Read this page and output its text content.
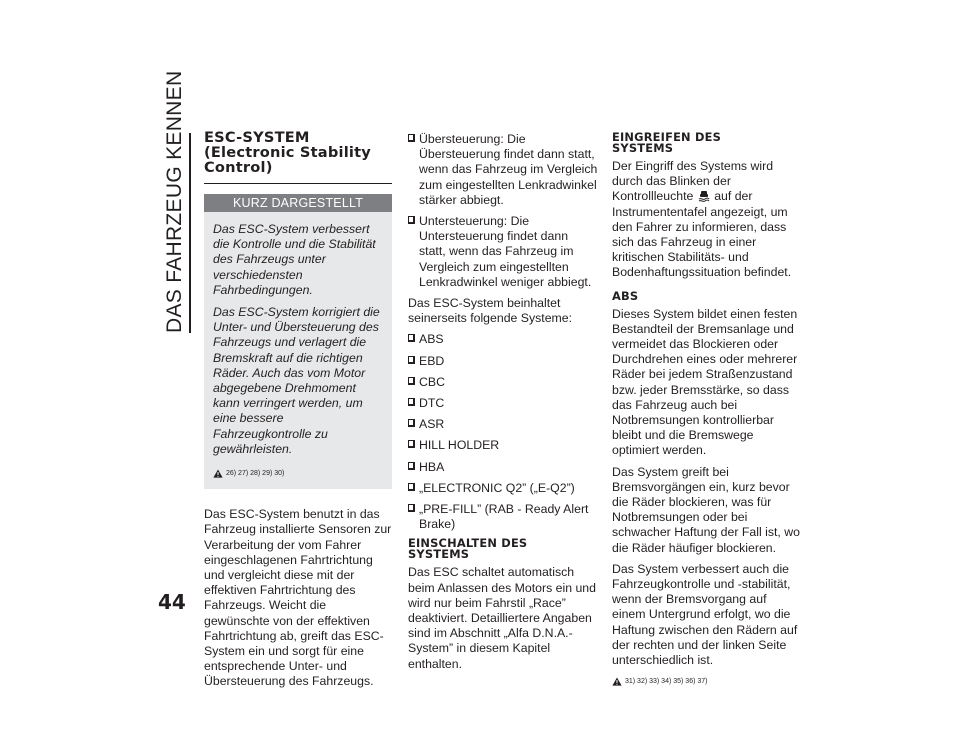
DAS FAHRZEUG KENNEN
44
ESC-SYSTEM
(Electronic Stability
Control)
KURZ DARGESTELLT

Das ESC-System verbessert die Kontrolle und die Stabilität des Fahrzeugs unter verschiedensten Fahrbedingungen.

Das ESC-System korrigiert die Unter- und Übersteuerung des Fahrzeugs und verlagert die Bremskraft auf die richtigen Räder. Auch das vom Motor abgegebene Drehmoment kann verringert werden, um eine bessere Fahrzeugkontrolle zu gewährleisten.

26) 27) 28) 29) 30)

Das ESC-System benutzt in das Fahrzeug installierte Sensoren zur Verarbeitung der vom Fahrer eingeschlagenen Fahrtrichtung und vergleicht diese mit der effektiven Fahrtrichtung des Fahrzeugs. Weicht die gewünschte von der effektiven Fahrtrichtung ab, greift das ESC-System ein und sorgt für eine entsprechende Unter- und Übersteuerung des Fahrzeugs.

Übersteuerung: Die Übersteuerung findet dann statt, wenn das Fahrzeug im Vergleich zum eingestellten Lenkradwinkel stärker abbiegt.
Untersteuerung: Die Untersteuerung findet dann statt, wenn das Fahrzeug im Vergleich zum eingestellten Lenkradwinkel weniger abbiegt.

Das ESC-System beinhaltet seinerseits folgende Systeme:

ABS
EBD
CBC
DTC
ASR
HILL HOLDER
HBA
„ELECTRONIC Q2” („E-Q2”)
„PRE-FILL” (RAB - Ready Alert Brake)
EINSCHALTEN DES
SYSTEMS

Das ESC schaltet automatisch beim Anlassen des Motors ein und wird nur beim Fahrstil „Race” deaktiviert. Detailliertere Angaben sind im Abschnitt „Alfa D.N.A.-System” in diesem Kapitel enthalten.

EINGREIFEN DES
SYSTEMS

Der Eingriff des Systems wird durch das Blinken der Kontrollleuchte auf der Instrumententafel angezeigt, um den Fahrer zu informieren, dass sich das Fahrzeug in einer kritischen Stabilitäts- und Bodenhaftungssituation befindet.

ABS

Dieses System bildet einen festen Bestandteil der Bremsanlage und vermeidet das Blockieren oder Durchdrehen eines oder mehrerer Räder bei jedem Straßenzustand bzw. jeder Bremsstärke, so dass das Fahrzeug auch bei Notbremsungen kontrollierbar bleibt und die Bremswege optimiert werden.

Das System greift bei Bremsvorgängen ein, kurz bevor die Räder blockieren, was für Notbremsungen oder bei schwacher Haftung der Fall ist, wo die Räder häufiger blockieren.

Das System verbessert auch die Fahrzeugkontrolle und -stabilität, wenn der Bremsvorgang auf einem Untergrund erfolgt, wo die Haftung zwischen den Rädern auf der rechten und der linken Seite unterschiedlich ist.

31) 32) 33) 34) 35) 36) 37)
